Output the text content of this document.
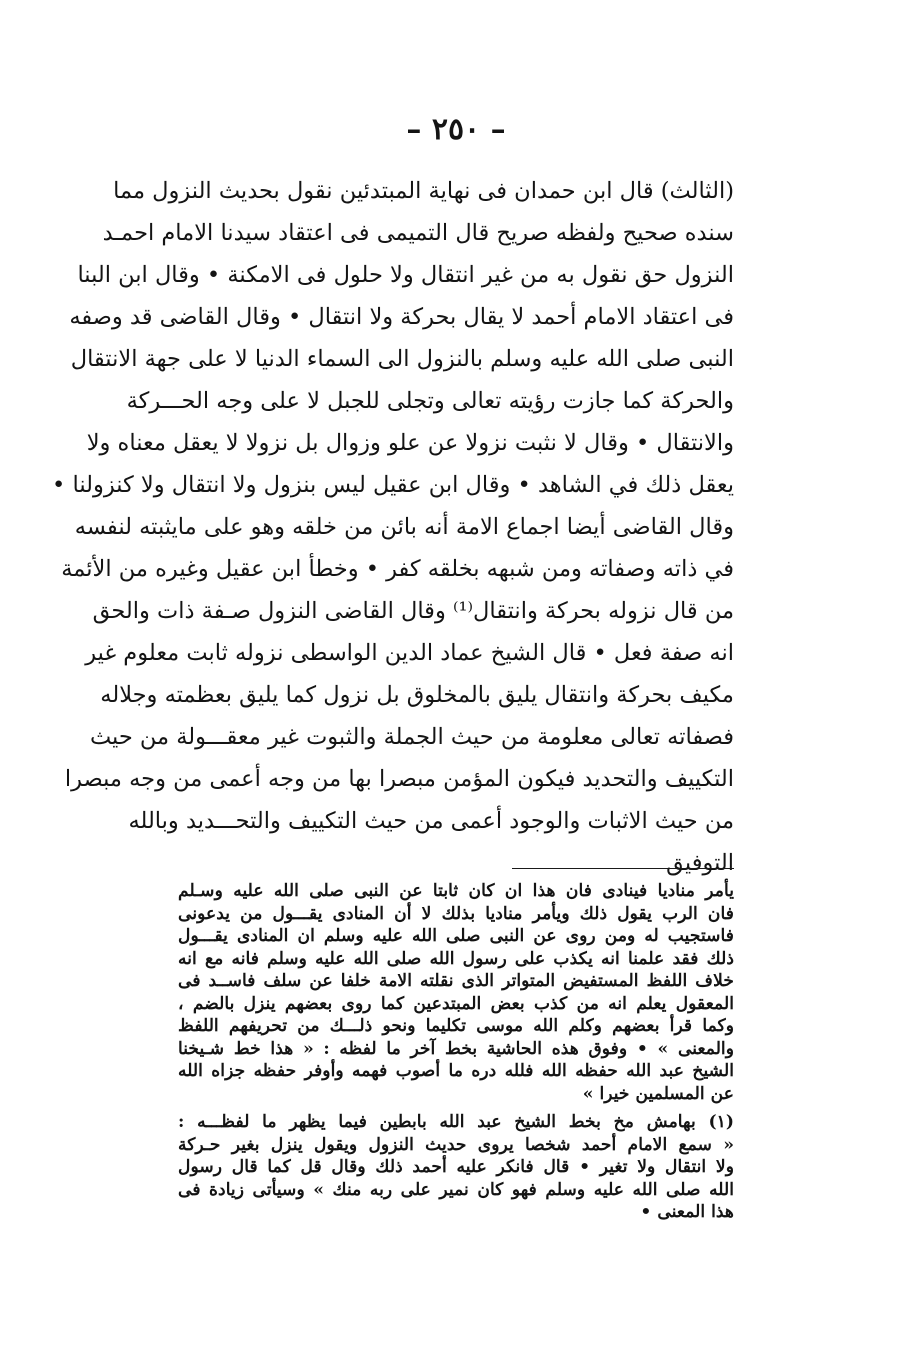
– ٢٥٠ –
(الثالث) قال ابن حمدان فى نهاية المبتدئين نقول بحديث النزول مما
سنده صحيح ولفظه صريح قال التميمى فى اعتقاد سيدنا الامام احمـد
النزول حق نقول به من غير انتقال ولا حلول فى الامكنة • وقال ابن البنا
فى اعتقاد الامام أحمد لا يقال بحركة ولا انتقال • وقال القاضى قد وصفه
النبى صلى الله عليه وسلم بالنزول الى السماء الدنيا لا على جهة الانتقال
والحركة كما جازت رؤيته تعالى وتجلى للجبل لا على وجه الحـــركة
والانتقال • وقال لا نثبت نزولا عن علو وزوال بل نزولا لا يعقل معناه ولا
يعقل ذلك في الشاهد • وقال ابن عقيل ليس بنزول ولا انتقال ولا كنزولنا •
وقال القاضى أيضا اجماع الامة أنه بائن من خلقه وهو على مايثبته لنفسه
في ذاته وصفاته ومن شبهه بخلقه كفر • وخطأ ابن عقيل وغيره من الأئمة
من قال نزوله بحركة وانتقال⁽¹⁾ وقال القاضى النزول صـفة ذات والحق
انه صفة فعل • قال الشيخ عماد الدين الواسطى نزوله ثابت معلوم غير
مكيف بحركة وانتقال يليق بالمخلوق بل نزول كما يليق بعظمته وجلاله
فصفاته تعالى معلومة من حيث الجملة والثبوت غير معقـــولة من حيث
التكييف والتحديد فيكون المؤمن مبصرا بها من وجه أعمى من وجه مبصرا
من حيث الاثبات والوجود أعمى من حيث التكييف والتحـــديد وبالله
التوفيق
يأمر مناديا فينادى فان هذا ان كان ثابتا عن النبى صلى الله عليه وسـلم
فان الرب يقول ذلك ويأمر مناديا بذلك لا أن المنادى يقـــول من يدعونى
فاستجيب له ومن روى عن النبى صلى الله عليه وسلم ان المنادى يقـــول
ذلك فقد علمنا انه يكذب على رسول الله صلى الله عليه وسلم فانه مع انه
خلاف اللفظ المستفيض المتواتر الذى نقلته الامة خلفا عن سلف فاســد فى
المعقول يعلم انه من كذب بعض المبتدعين كما روى بعضهم ينزل بالضم ،
وكما قرأ بعضهم وكلم الله موسى تكليما ونحو ذلـــك من تحريفهم اللفظ
والمعنى » • وفوق هذه الحاشية بخط آخر ما لفظه : « هذا خط شـيخنا
الشيخ عبد الله حفظه الله فلله دره ما أصوب فهمه وأوفر حفظه جزاه الله
عن المسلمين خيرا »
(١) بهامش مخ بخط الشيخ عبد الله بابطين فيما يظهر ما لفظـــه :
« سمع الامام أحمد شخصا يروى حديث النزول ويقول ينزل بغير حـركة
ولا انتقال ولا تغير • قال فانكر عليه أحمد ذلك وقال قل كما قال رسول
الله صلى الله عليه وسلم فهو كان نمير على ربه منك » وسيأتى زيادة فى
هذا المعنى •
